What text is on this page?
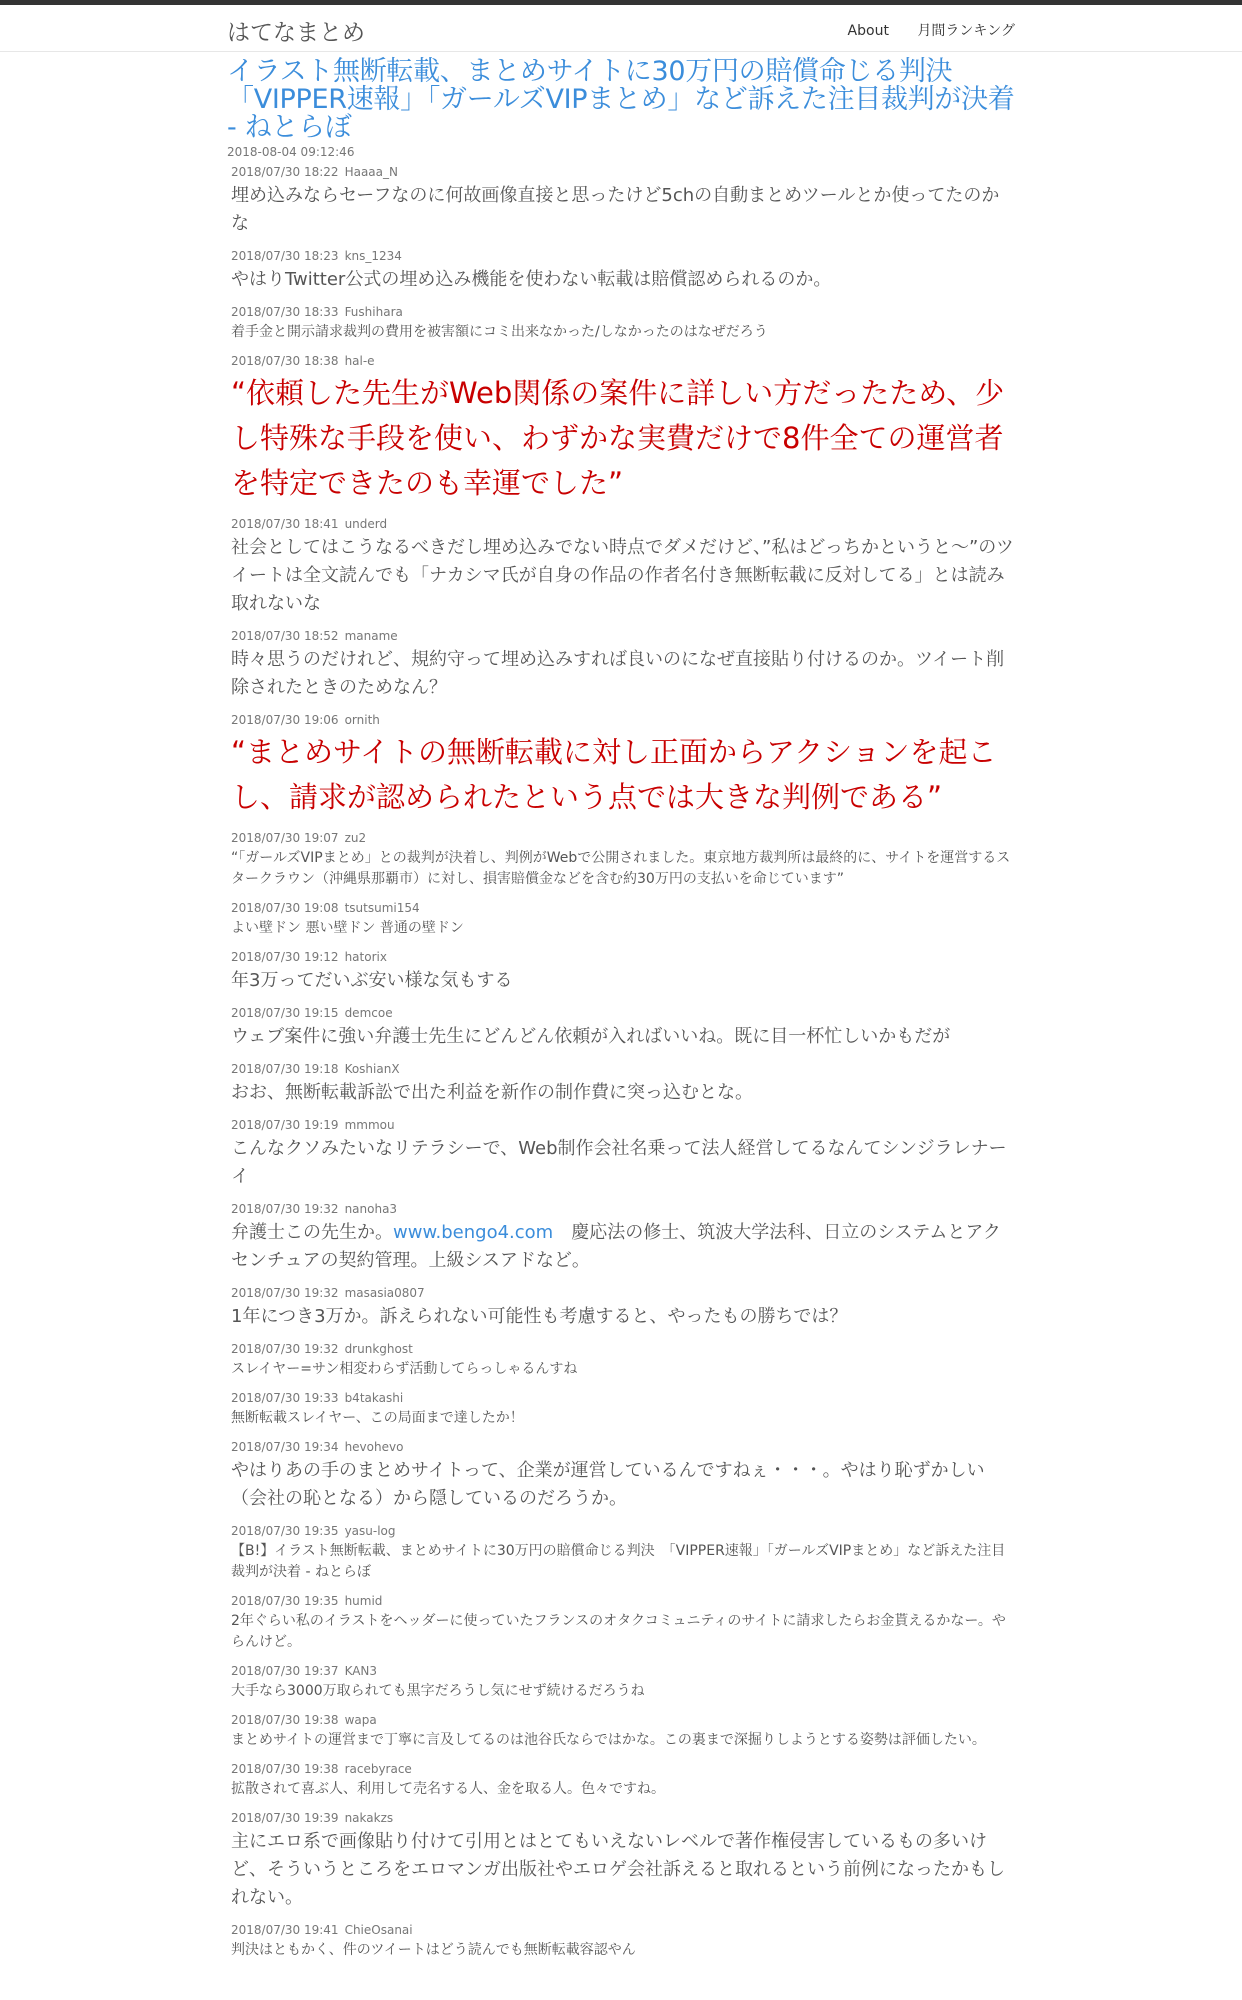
はてなまとめ	About 月間ランキング
イラスト無断転載、まとめサイトに30万円の賠償命じる判決　「VIPPER速報」「ガールズVIPまとめ」など訴えた注目裁判が決着 - ねとらぼ
2018-08-04 09:12:46
2018/07/30 18:22 Haaaa_N
埋め込みならセーフなのに何故画像直接と思ったけど5chの自動まとめツールとか使ってたのかな
2018/07/30 18:23 kns_1234
やはりTwitter公式の埋め込み機能を使わない転載は賠償認められるのか。
2018/07/30 18:33 Fushihara
着手金と開示請求裁判の費用を被害額にコミ出来なかった/しなかったのはなぜだろう
2018/07/30 18:38 hal-e
“依頼した先生がWeb関係の案件に詳しい方だったため、少し特殊な手段を使い、わずかな実費だけで8件全ての運営者を特定できたのも幸運でした”
2018/07/30 18:41 underd
社会としてはこうなるべきだし埋め込みでない時点でダメだけど、”私はどっちかというと〜”のツイートは全文読んでも「ナカシマ氏が自身の作品の作者名付き無断転載に反対してる」とは読み取れないな
2018/07/30 18:52 maname
時々思うのだけれど、規約守って埋め込みすれば良いのになぜ直接貼り付けるのか。ツイート削除されたときのためなん？
2018/07/30 19:06 ornith
“まとめサイトの無断転載に対し正面からアクションを起こし、請求が認められたという点では大きな判例である”
2018/07/30 19:07 zu2
“「ガールズVIPまとめ」との裁判が決着し、判例がWebで公開されました。東京地方裁判所は最終的に、サイトを運営するスタークラウン（沖縄県那覇市）に対し、損害賠償金などを含む約30万円の支払いを命じています”
2018/07/30 19:08 tsutsumi154
よい壁ドン 悪い壁ドン 普通の壁ドン
2018/07/30 19:12 hatorix
年3万ってだいぶ安い様な気もする
2018/07/30 19:15 demcoe
ウェブ案件に強い弁護士先生にどんどん依頼が入ればいいね。既に目一杯忙しいかもだが
2018/07/30 19:18 KoshianX
おお、無断転載訴訟で出た利益を新作の制作費に突っ込むとな。
2018/07/30 19:19 mmmou
こんなクソみたいなリテラシーで、Web制作会社名乗って法人経営してるなんてシンジラレナーイ
2018/07/30 19:32 nanoha3
弁護士この先生か。www.bengo4.com　慶応法の修士、筑波大学法科、日立のシステムとアクセンチュアの契約管理。上級シスアドなど。
2018/07/30 19:32 masasia0807
1年につき3万か。訴えられない可能性も考慮すると、やったもの勝ちでは？
2018/07/30 19:32 drunkghost
スレイヤー=サン相変わらず活動してらっしゃるんすね
2018/07/30 19:33 b4takashi
無断転載スレイヤー、この局面まで達したか！
2018/07/30 19:34 hevohevo
やはりあの手のまとめサイトって、企業が運営しているんですねぇ・・・。やはり恥ずかしい（会社の恥となる）から隠しているのだろうか。
2018/07/30 19:35 yasu-log
【B!】イラスト無断転載、まとめサイトに30万円の賠償命じる判決　「VIPPER速報」「ガールズVIPまとめ」など訴えた注目裁判が決着 - ねとらぼ
2018/07/30 19:35 humid
2年ぐらい私のイラストをヘッダーに使っていたフランスのオタクコミュニティのサイトに請求したらお金貰えるかなー。やらんけど。
2018/07/30 19:37 KAN3
大手なら3000万取られても黒字だろうし気にせず続けるだろうね
2018/07/30 19:38 wapa
まとめサイトの運営まで丁寧に言及してるのは池谷氏ならではかな。この裏まで深掘りしようとする姿勢は評価したい。
2018/07/30 19:38 racebyrace
拡散されて喜ぶ人、利用して売名する人、金を取る人。色々ですね。
2018/07/30 19:39 nakakzs
主にエロ系で画像貼り付けて引用とはとてもいえないレベルで著作権侵害しているもの多いけど、そういうところをエロマンガ出版社やエロゲ会社訴えると取れるという前例になったかもしれない。
2018/07/30 19:41 ChieOsanai
判決はともかく、件のツイートはどう読んでも無断転載容認やん
